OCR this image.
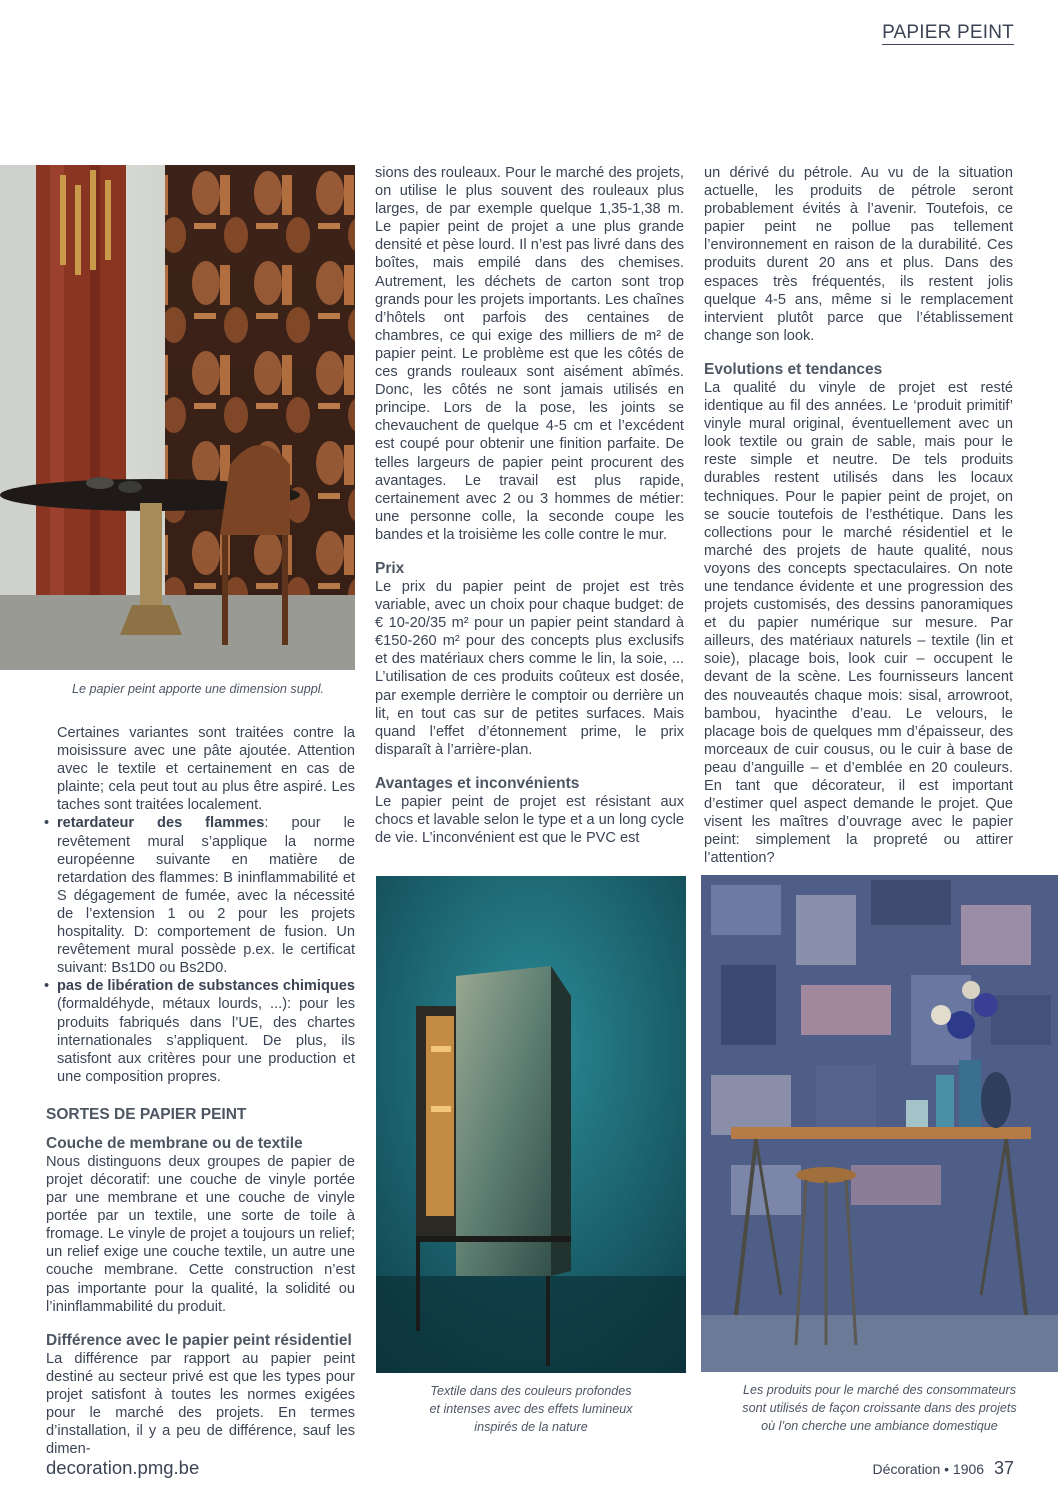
PAPIER PEINT
Le papier peint apporte une dimension suppl.

Certaines variantes sont traitées contre la moisissure avec une pâte ajoutée. Attention avec le textile et certainement en cas de plainte; cela peut tout au plus être aspiré. Les taches sont traitées localement.

• retardateur des flammes: pour le revêtement mural s’applique la norme européenne suivante en matière de retardation des flammes: B ininflammabilité et S dégagement de fumée, avec la nécessité de l’extension 1 ou 2 pour les projets hospitality. D: comportement de fusion. Un revêtement mural possède p.ex. le certificat suivant: Bs1D0 ou Bs2D0.
• pas de libération de substances chimiques (formaldéhyde, métaux lourds, ...): pour les produits fabriqués dans l’UE, des chartes internationales s’appliquent. De plus, ils satisfont aux critères pour une production et une composition propres.

SORTES DE PAPIER PEINT

Couche de membrane ou de textile

Nous distinguons deux groupes de papier de projet décoratif: une couche de vinyle portée par une membrane et une couche de vinyle portée par un textile, une sorte de toile à fromage. Le vinyle de projet a toujours un relief; un relief exige une couche textile, un autre une couche membrane. Cette construction n’est pas importante pour la qualité, la solidité ou l’ininflammabilité du produit.

Différence avec le papier peint résidentiel

La différence par rapport au papier peint destiné au secteur privé est que les types pour projet satisfont à toutes les normes exigées pour le marché des projets. En termes d’installation, il y a peu de différence, sauf les dimen-

sions des rouleaux. Pour le marché des projets, on utilise le plus souvent des rouleaux plus larges, de par exemple quelque 1,35-1,38 m. Le papier peint de projet a une plus grande densité et pèse lourd. Il n’est pas livré dans des boîtes, mais empilé dans des chemises. Autrement, les déchets de carton sont trop grands pour les projets importants. Les chaînes d’hôtels ont parfois des centaines de chambres, ce qui exige des milliers de m² de papier peint. Le problème est que les côtés de ces grands rouleaux sont aisément abîmés. Donc, les côtés ne sont jamais utilisés en principe. Lors de la pose, les joints se chevauchent de quelque 4-5 cm et l’excédent est coupé pour obtenir une finition parfaite. De telles largeurs de papier peint procurent des avantages. Le travail est plus rapide, certainement avec 2 ou 3 hommes de métier: une personne colle, la seconde coupe les bandes et la troisième les colle contre le mur.

Prix

Le prix du papier peint de projet est très variable, avec un choix pour chaque budget: de € 10-20/35 m² pour un papier peint standard à €150-260 m² pour des concepts plus exclusifs et des matériaux chers comme le lin, la soie, ... L’utilisation de ces produits coûteux est dosée, par exemple derrière le comptoir ou derrière un lit, en tout cas sur de petites surfaces. Mais quand l’effet d’étonnement prime, le prix disparaît à l’arrière-plan.

Avantages et inconvénients

Le papier peint de projet est résistant aux chocs et lavable selon le type et a un long cycle de vie. L’inconvénient est que le PVC est

un dérivé du pétrole. Au vu de la situation actuelle, les produits de pétrole seront probablement évités à l’avenir. Toutefois, ce papier peint ne pollue pas tellement l’environnement en raison de la durabilité. Ces produits durent 20 ans et plus. Dans des espaces très fréquentés, ils restent jolis quelque 4-5 ans, même si le remplacement intervient plutôt parce que l’établissement change son look.

Evolutions et tendances

La qualité du vinyle de projet est resté identique au fil des années. Le ‘produit primitif’ vinyle mural original, éventuellement avec un look textile ou grain de sable, mais pour le reste simple et neutre. De tels produits durables restent utilisés dans les locaux techniques. Pour le papier peint de projet, on se soucie toutefois de l’esthétique. Dans les collections pour le marché résidentiel et le marché des projets de haute qualité, nous voyons des concepts spectaculaires. On note une tendance évidente et une progression des projets customisés, des dessins panoramiques et du papier numérique sur mesure. Par ailleurs, des matériaux naturels – textile (lin et soie), placage bois, look cuir – occupent le devant de la scène. Les fournisseurs lancent des nouveautés chaque mois: sisal, arrowroot, bambou, hyacinthe d’eau. Le velours, le placage bois de quelques mm d’épaisseur, des morceaux de cuir cousus, ou le cuir à base de peau d’anguille – et d’emblée en 20 couleurs. En tant que décorateur, il est important d’estimer quel aspect demande le projet. Que visent les maîtres d’ouvrage avec le papier peint: simplement la propreté ou attirer l’attention?

Textile dans des couleurs profondes
et intenses avec des effets lumineux
inspirés de la nature
Les produits pour le marché des consommateurs
sont utilisés de façon croissante dans des projets
où l’on cherche une ambiance domestique
decoration.pmg.be	Décoration • 1906 37
